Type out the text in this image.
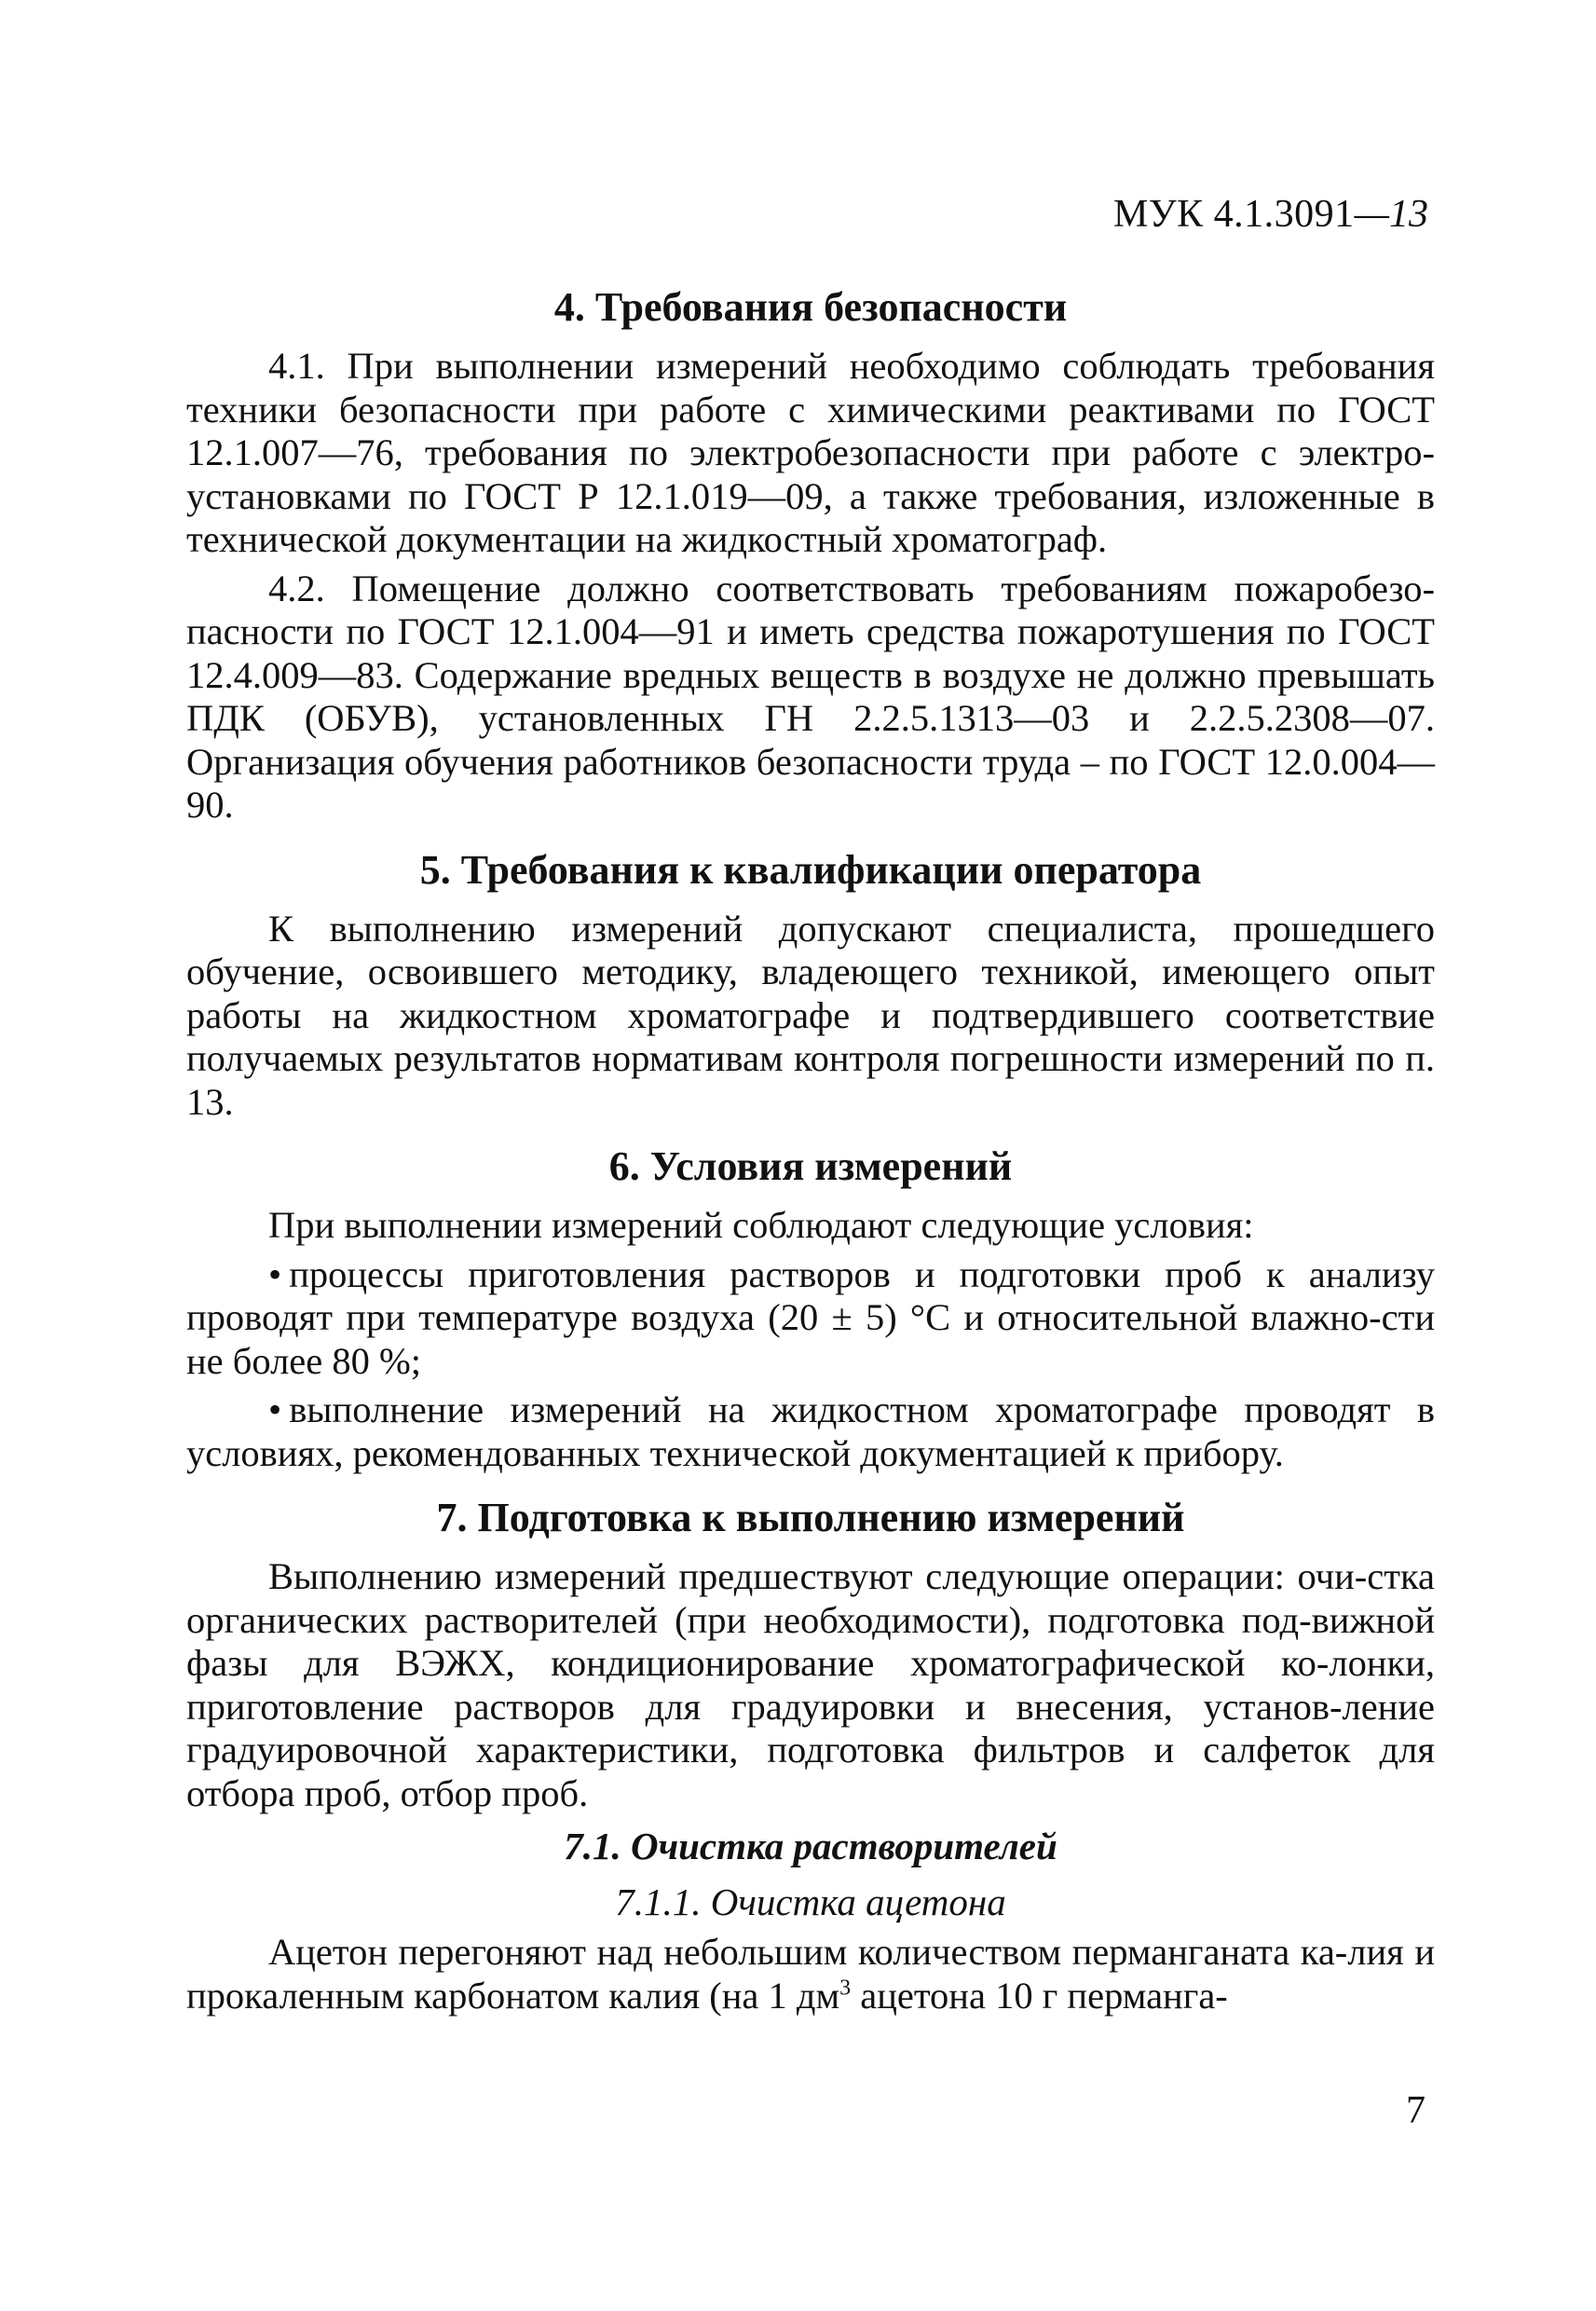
МУК 4.1.3091—13
4. Требования безопасности

4.1. При выполнении измерений необходимо соблюдать требования техники безопасности при работе с химическими реактивами по ГОСТ 12.1.007—76, требования по электробезопасности при работе с электро-установками по ГОСТ Р 12.1.019—09, а также требования, изложенные в технической документации на жидкостный хроматограф.

4.2. Помещение должно соответствовать требованиям пожаробезо-пасности по ГОСТ 12.1.004—91 и иметь средства пожаротушения по ГОСТ 12.4.009—83. Содержание вредных веществ в воздухе не должно превышать ПДК (ОБУВ), установленных ГН 2.2.5.1313—03 и 2.2.5.2308—07. Организация обучения работников безопасности труда – по ГОСТ 12.0.004—90.

5. Требования к квалификации оператора

К выполнению измерений допускают специалиста, прошедшего обучение, освоившего методику, владеющего техникой, имеющего опыт работы на жидкостном хроматографе и подтвердившего соответствие получаемых результатов нормативам контроля погрешности измерений по п. 13.

6. Условия измерений

При выполнении измерений соблюдают следующие условия:

• процессы приготовления растворов и подготовки проб к анализу проводят при температуре воздуха (20 ± 5) °С и относительной влажно-сти не более 80 %;

• выполнение измерений на жидкостном хроматографе проводят в условиях, рекомендованных технической документацией к прибору.

7. Подготовка к выполнению измерений

Выполнению измерений предшествуют следующие операции: очи-стка органических растворителей (при необходимости), подготовка под-вижной фазы для ВЭЖХ, кондиционирование хроматографической ко-лонки, приготовление растворов для градуировки и внесения, установ-ление градуировочной характеристики, подготовка фильтров и салфеток для отбора проб, отбор проб.

7.1. Очистка растворителей
7.1.1. Очистка ацетона

Ацетон перегоняют над небольшим количеством перманганата ка-лия и прокаленным карбонатом калия (на 1 $дм^3$ ацетона 10 г перманга-

7
